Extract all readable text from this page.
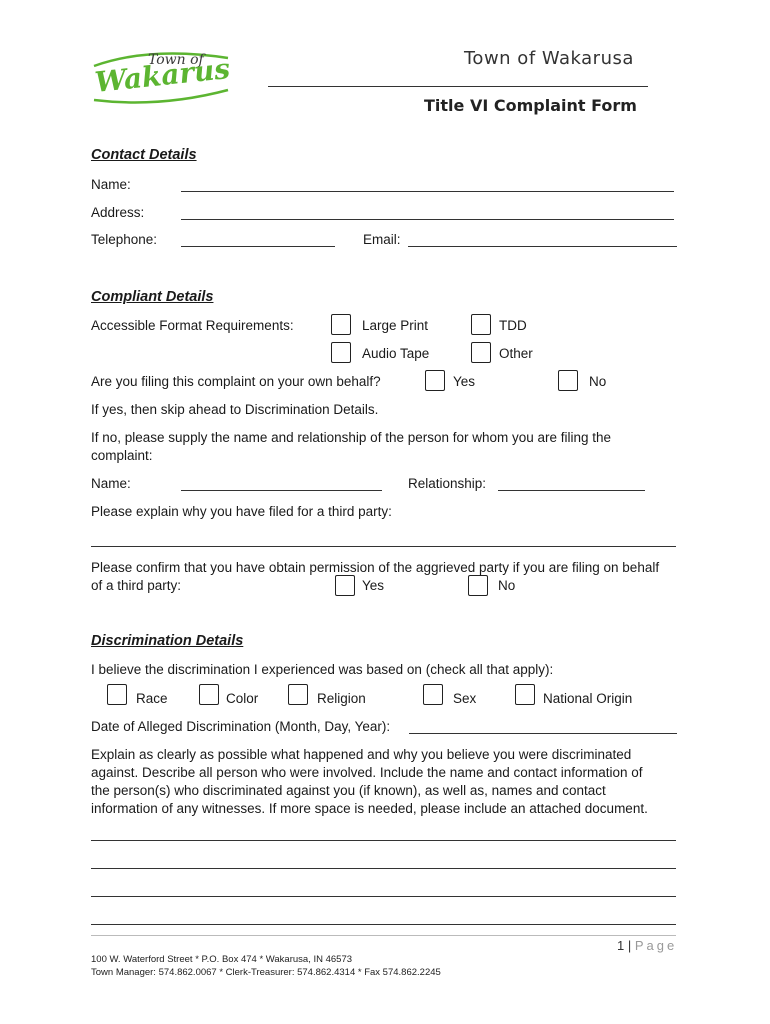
Town of
Wakarusa	Town of Wakarusa
Title VI Complaint Form
Contact Details
Name:
Address:
Telephone:	Email:
Compliant Details
Accessible Format Requirements:	Large Print	TDD
Audio Tape	Other
Are you filing this complaint on your own behalf?	Yes	No
If yes, then skip ahead to Discrimination Details.
If no, please supply the name and relationship of the person for whom you are filing the
complaint:
Name:	Relationship:
Please explain why you have filed for a third party:
Please confirm that you have obtain permission of the aggrieved party if you are filing on behalf
of a third party:	Yes	No
Discrimination Details
I believe the discrimination I experienced was based on (check all that apply):
Race	Color	Religion	Sex	National Origin
Date of Alleged Discrimination (Month, Day, Year):
Explain as clearly as possible what happened and why you believe you were discriminated
against. Describe all person who were involved. Include the name and contact information of
the person(s) who discriminated against you (if known), as well as, names and contact
information of any witnesses. If more space is needed, please include an attached document.
1 | Page
100 W. Waterford Street * P.O. Box 474 * Wakarusa, IN 46573
Town Manager: 574.862.0067 * Clerk-Treasurer: 574.862.4314 * Fax 574.862.2245
